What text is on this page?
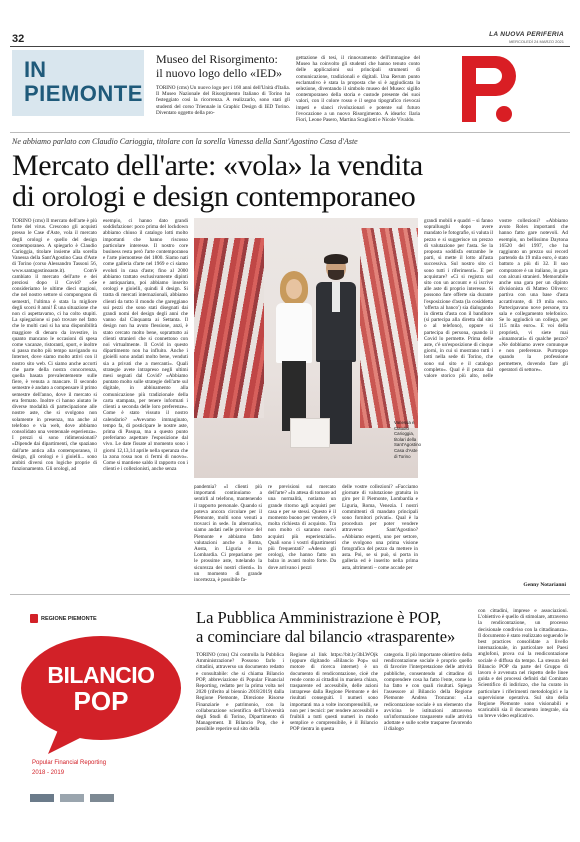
32	LA NUOVA PERIFERIA
MERCOLEDÌ 24 MARZO 2021
IN
PIEMONTE
Museo del Risorgimento:
il nuovo logo dello «IED»
TORINO (cms) Un nuovo logo per i 160 anni dell'Unità d'Italia. Il Museo Nazionale del Risorgimento Italiano di Torino ha festeggiato così la ricorrenza. A realizzarlo, sono stati gli studenti del corso Triennale in Graphic Design di IED Torino. Diventato oggetto della pro-
gettazione di tesi, il rinnovamento dell'immagine del Museo ha coinvolto gli studenti che hanno tenuto conto delle applicazioni sui principali strumenti di comunicazione, tradizionali e digitali. Una Rerum punto esclamativo è stata la proposta che si è aggiudicata la selezione, diventando il simbolo museo del Museo: sigillo contemporaneo della storia e custode presente dei suoi valori, con il colore rosso e il segno tipografico rievocai impeti e slanci rivoluzionari e potente sul futuro l'evocazione a un nuovo Risorgimento. A idearlo: Ilaria Fiori, Leone Pasero, Martina Scagliotti e Nicole Vivaldo.
Ne abbiamo parlato con Claudio Carioggia, titolare con la sorella Vanessa della Sant'Agostino Casa d'Aste
Mercato dell'arte: «vola» la vendita
di orologi e design contemporaneo
TORINO (cms) Il mercato dell'arte è più forte del virus. Crescono gli acquisti presso le Case d'Aste, vola il mercato degli orologi e quello del design contemporaneo. A spiegarlo è Claudio Carioggia, titolare insieme alla sorella Vanessa della Sant'Agostino Casa d'Aste di Torino (corso Alessandro Tassoni 56, www.santagostinoaste.it). Com'è cambiato il mercato dell'arte e dei preziosi dopo il Covid? «Se consideriamo le ultime dieci stagioni, che nel nostro settore si compongono di semestri, l'ultima è stata la migliore degli scorsi 8 anni! È una situazione che non ci aspettavamo, ci ha colto stupiti. La spiegazione si può trovare nel fatto che le molti casi si ha una disponibilità maggiore di denaro da investire, in quanto mancano le occasioni di spesa come vacanze, ristoranti, sport, e inoltre si passa molto più tempo navigando su Internet, dove siamo molto attivi con il nostro sito web. Ci siamo anche accorti che parte della nostra concorrenza, quella basata prevalentemente sulle fiere, è venuta a mancare. Il secondo semestre è andato a compensare il primo semestre dell'anno, dove il mercato si era fermato. Inoltre ci hanno aiutato le diverse modalità di partecipazione alle nostre aste, che si svolgono non solamente in presenza, ma anche al telefono e via web, dove abbiamo consolidato una ventennale esperienza». I prezzi si sono ridimensionati? «Dipende dai dipartimenti, che spaziano dall'arte antica alla contemporanea, il design, gli orologi e i gioielli... sono ambiti diversi con logiche proprie di funzionamento. Gli orologi, ad
esempio, ci hanno dato grandi soddisfazione: poco prima del lockdown abbiamo chiuso il catalogo lotti molto importanti che hanno riscosso particolare interesse. Il nostro core business resta però l'arte contemporanea e l'arte piemontese del 1800. Siamo nati come galleria d'arte nel 1969 e ci siamo evoluti in casa d'aste; fino al 2000 abbiamo trattato esclusivamente dipinti e antiquariato, poi abbiamo inserito orologi e gioielli, quindi il design. Si tratta di mercati internazionali, abbiamo clienti da tutto il mondo che gareggiano sui pezzi che sono stati disegnati dai grandi nomi del design degli anni che vanno dal Cinquanta ai Settanta. Il design non ha avuto flessione, anzi, è stato cercato molto bene, soprattutto ai clienti stranieri che si connettono con noi virtualmente. Il Covid in questo dipartimento non ha influito. Anche i gioielli sono andati molto bene, venduti sia a privati che a mercanti». Quali strategie avete intrapreso negli ultimi mesi segnati dal Covid? «Abbiamo puntato molto sulle strategie dell'arte sul digitale, in abbinamento alla comunicazione più tradizionale della carta stampata, per tenere informati i clienti a seconda delle loro preferenze». Come è stato vissuto il nostro calendario? «Avevamo immaginato, tempo fa, di posticipare le nostre aste, prima di Pasqua, ma a questo punto preferiamo aspettare l'esposizione dal vivo. Le date fissate al momento sono i giorni 12,13,14 aprile nella speranza che la zona rossa non ci fermi di nuovo». Come si mantiene saldo il rapporto con i clienti e i collezionisti, anche senza
Vanessa e Claudio Carioggia, titolari della Sant'Agostino Casa d'Aste di Torino
pandemia? «I clienti più importanti continuiamo a sentirli al telefono, mantenendo il rapporto personale. Quando si poteva ancora circolare per il Piemonte, molti sono venuti a trovarci in sede. In alternativa, siamo andati nelle province del Piemonte e abbiamo fatto valutazioni anche a Roma, Aosta, in Liguria e in Lombardia. Ci prepariamo per le prossime aste, tutelando la sicurezza dei nostri clienti». In un momento di grande incertezza, è possibile fa-
re previsioni sul mercato dell'arte? «In attesa di tornare ad una normalità, notiamo un grande ritorno agli acquisti per casa e per se stessi. Questo è il momento buono per vendere, c'è molta richiesta di acquisto. Tra non molto ci saranno nuovi acquisti più esperienziali». Quali sono i vostri dipartimenti più frequentati? «Adesso gli orologi, che hanno fatto un balzo in avanti molto forte. Da dove arrivano i pezzi
delle vostre collezioni? «Facciamo giornate di valutazione gratuita in giro per il Piemonte, Lombardia e Liguria, Roma, Venezia. I nostri committenti di mandato principali sono fornitori privati». Qual è la procedura per poter vendere attraverso Sant'Agostino? «Abbiamo esperti, uno per settore, che svolgono una prima visione fotografica del pezzo da mettere in asta. Poi, se si può, si porta in galleria ed è inserito nella prima asta, altrimenti – come accade per
grandi mobili e quadri – si fanno sopralluoghi dopo avere mandato le fotografie, si valuta il pezzo e si suggerisce un prezzo di valutazione per l'asta. Se la proposta soddisfa entrambe le parti, si mette il lotto all'asta successiva. Sul nostro sito ci sono tutti i riferimenti». E per acquistare? «Ci si registra sul sito con un account e si iscrive alle aste di proprio interesse. Si possono fare offerte sia durante l'esposizione d'asta (la cosiddetta 'offerta al banco') sia dialogando in diretta d'asta con il banditore (si partecipa alla diretta dal sito o al telefono), oppure si partecipa di persona, quando il Covid lo permette. Prima delle aste, c'è un'esposizione di cinque giorni, in cui si mostrano tutti i lotti nella sede di Torino, che sono sul sito e il catalogo completo». Qual è il pezzo dal valore storico più alto, nelle vostre collezioni? «Abbiamo avuto Rolex importanti che hanno fatto gare notevoli. Ad esempio, un bellissimo Daytona 16520 del 1997, che ha raggiunto un prezzo sui record partendo da 19 mila euro, è stato battuto a più di 32. Il suo compratore è un italiano, in gara con alcuni stranieri. Memorabile anche una gara per un dipinto divisionista di Matteo Olivero: partiva con una base d'asta accattivante, di 19 mila euro. Partecipavano nove persone, tra sala e collegamento telefonico. Se lo aggiudicò un collega, per 115 mila euro». E voi della proprietà, vi siete mai «innamorati» di qualche pezzo? «Ne dobbiamo avere comunque e non preferenze. Purtroppo quando la professione permettere, dovendo fare gli operatori di settore».
Genny Notarianni
REGIONE PIEMONTE
BILANCIO
POP
Popular Financial Reporting
2018 - 2019
La Pubblica Amministrazione è POP,
a cominciare dal bilancio «trasparente»
TORINO (cms) Chi controlla la Pubblica Amministrazione? Possono farlo i cittadini, attraverso un documento redatto e consultabile: che si chiama Bilancio POP, abbreviazione di Popular Financial Reporting, redatto per la prima volta nel 2020 (riferito al biennio 2018/2019) dalla Regione Piemonte, Direzione Risorse Finanziarie e patrimonio, con la collaborazione scientifica dell'Università degli Studi di Torino, Dipartimento di Management. Il Bilancio Pop, che è possibile reperire sul sito della
Regione al link https://bit.ly/3bLWOjk (oppure digitando «Bilancio Pop» sul motore di ricerca internet) è un documento di rendicontazione, cioè che rende conto ai cittadini in maniera chiara, trasparente ed accessibile, delle azioni intraprese dalla Regione Piemonte e dei risultati conseguiti. I numeri sono importanti ma a volte incomprensibili, se non per i tecnici: per rendere accessibili e fruibili a tutti questi numeri in modo semplice e comprensibile, è il Bilancio POP rientra in questa
categoria. Il più importante obiettivo della rendicontazione sociale è proprio quello di favorire l'interpretazione delle attività pubbliche, consentendo al cittadino di comprendere cosa ha fatto l'ente, come lo ha fatto e con quali risultati. Spiega l'assessore al Bilancio della Regione Piemonte Andrea Tronzano: «La redicontazione sociale è un elemento che avvicina le istituzioni attraverso un'informazione trasparente sulle attività adottate e sulle scelte trasparee favorendo il dialogo
con cittadini, imprese e associazioni. L'obiettivo è quello di stimolare, attraverso la rendicontazione, un processo decisionale condiviso con la cittadinanza». Il documento è stato realizzato seguendo le best practices consolidate a livello internazionale, in particolare nel Paesi anglofoni, prova cui la rendicontazione sociale è diffusa da tempo. La stesura del Bilancio POP da parte del Gruppo di lavoro è avvenuta nel rispetto delle linee guida e dei processi definiti dal Comitato Scientifico di indirizzo, che ha curato in particolare i riferimenti metodologici e la supervisione operativa. Sul sito della Regione Piemonte sono visionabili e scaricabili sia il documento integrale, sia un breve video esplicativo.
